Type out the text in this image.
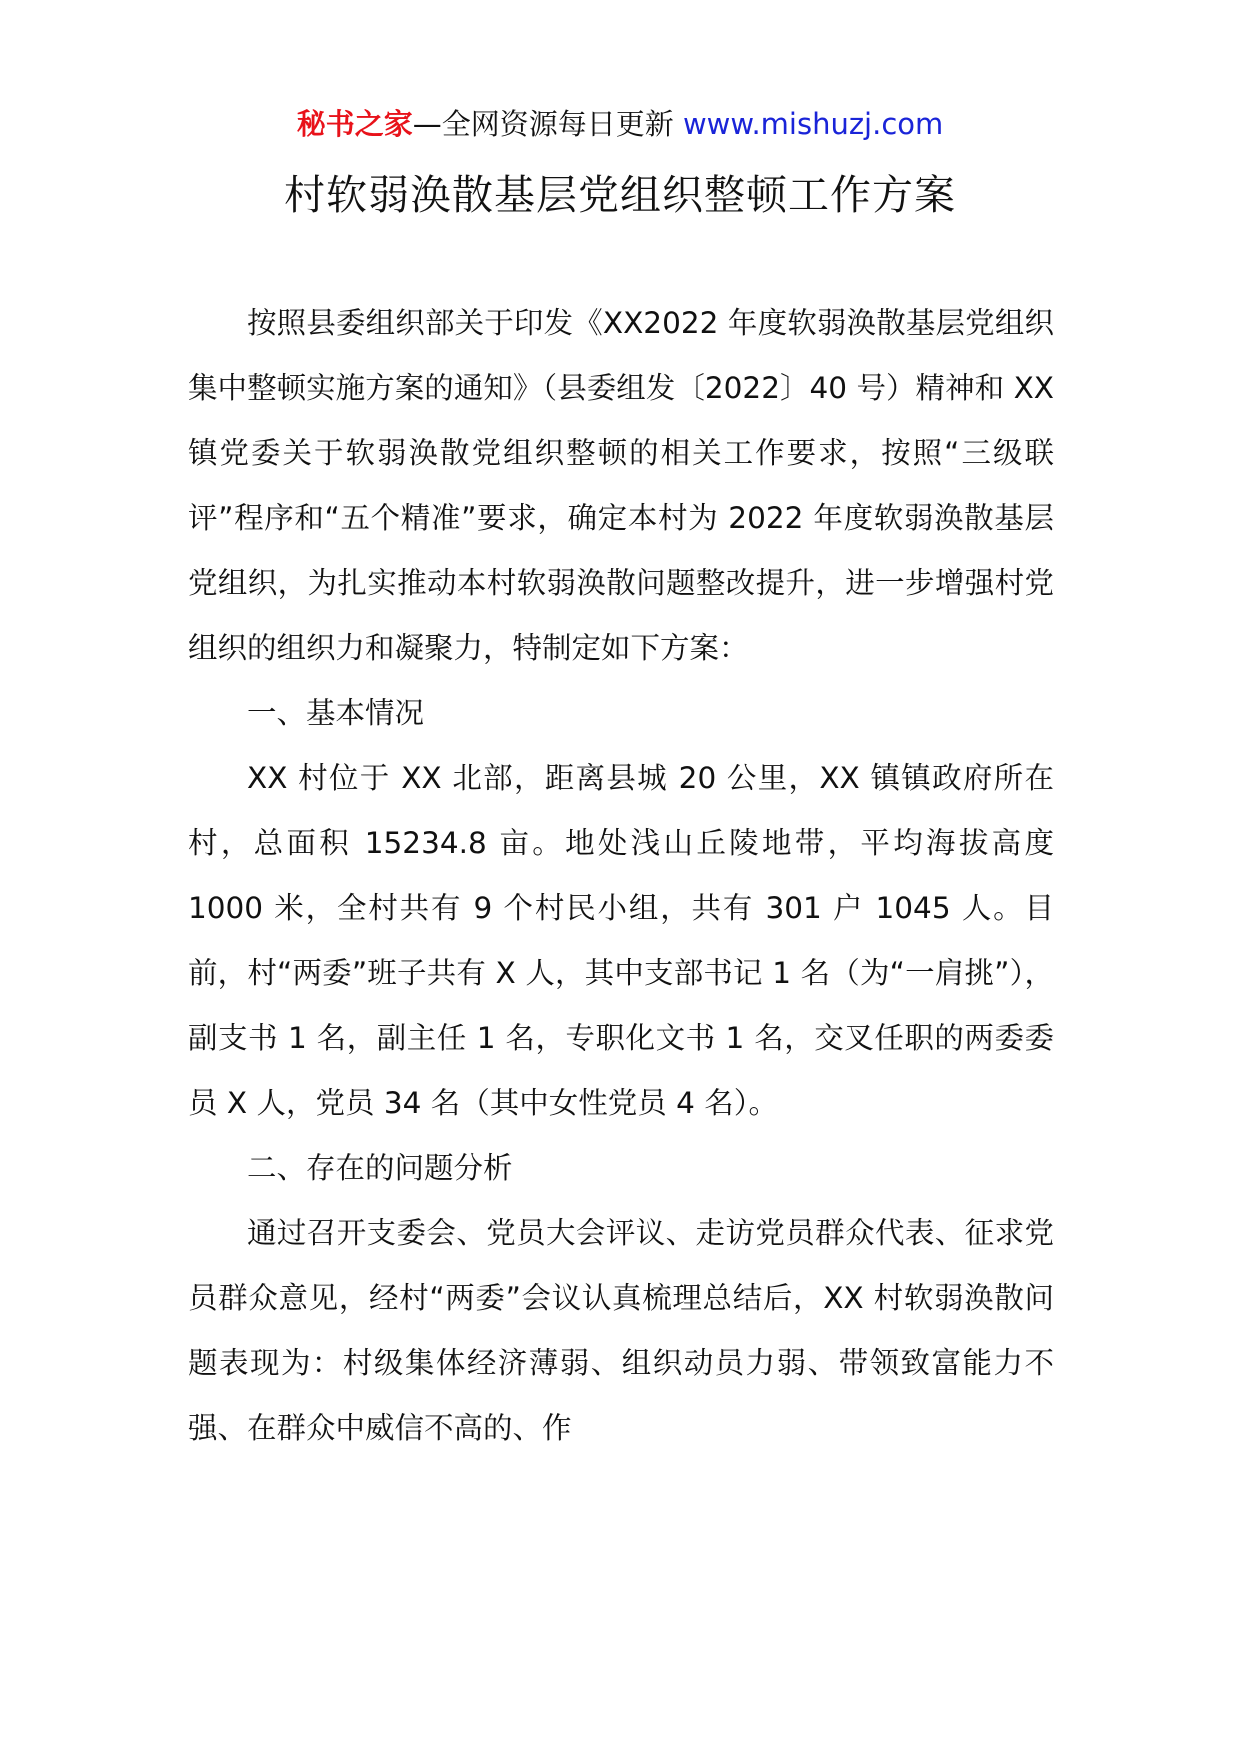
秘书之家—全网资源每日更新 www.mishuzj.com
村软弱涣散基层党组织整顿工作方案

按照县委组织部关于印发《XX2022 年度软弱涣散基层党组织集中整顿实施方案的通知》（县委组发〔2022〕40 号）精神和 XX 镇党委关于软弱涣散党组织整顿的相关工作要求，按照“三级联评”程序和“五个精准”要求，确定本村为 2022 年度软弱涣散基层党组织，为扎实推动本村软弱涣散问题整改提升，进一步增强村党组织的组织力和凝聚力，特制定如下方案：

一、基本情况

XX 村位于 XX 北部，距离县城 20 公里，XX 镇镇政府所在村，总面积 15234.8 亩。地处浅山丘陵地带，平均海拔高度 1000 米，全村共有 9 个村民小组，共有 301 户 1045 人。目前，村“两委”班子共有 X 人，其中支部书记 1 名（为“一肩挑”），副支书 1 名，副主任 1 名，专职化文书 1 名，交叉任职的两委委员 X 人，党员 34 名（其中女性党员 4 名）。

二、存在的问题分析

通过召开支委会、党员大会评议、走访党员群众代表、征求党员群众意见，经村“两委”会议认真梳理总结后，XX 村软弱涣散问题表现为：村级集体经济薄弱、组织动员力弱、带领致富能力不强、在群众中威信不高的、作
